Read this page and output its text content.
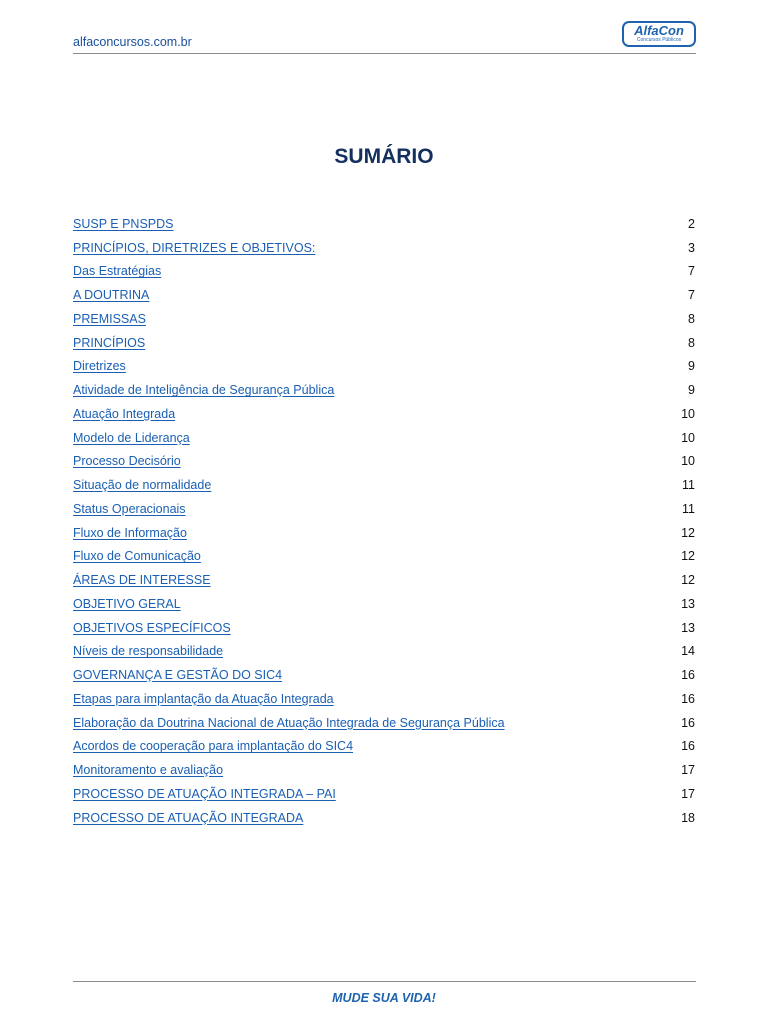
alfaconcursos.com.br
AlfaCon
Concursos Públicos
SUMÁRIO
SUSP E PNSPDS	2
PRINCÍPIOS, DIRETRIZES E OBJETIVOS:	3
Das Estratégias	7
A DOUTRINA	7
PREMISSAS	8
PRINCÍPIOS	8
Diretrizes	9
Atividade de Inteligência de Segurança Pública	9
Atuação Integrada	10
Modelo de Liderança	10
Processo Decisório	10
Situação de normalidade	11
Status Operacionais	11
Fluxo de Informação	12
Fluxo de Comunicação	12
ÁREAS DE INTERESSE	12
OBJETIVO GERAL	13
OBJETIVOS ESPECÍFICOS	13
Níveis de responsabilidade	14
GOVERNANÇA E GESTÃO DO SIC4	16
Etapas para implantação da Atuação Integrada	16
Elaboração da Doutrina Nacional de Atuação Integrada de Segurança Pública	16
Acordos de cooperação para implantação do SIC4	16
Monitoramento e avaliação	17
PROCESSO DE ATUAÇÃO INTEGRADA – PAI	17
PROCESSO DE ATUAÇÃO INTEGRADA	18
MUDE SUA VIDA!
